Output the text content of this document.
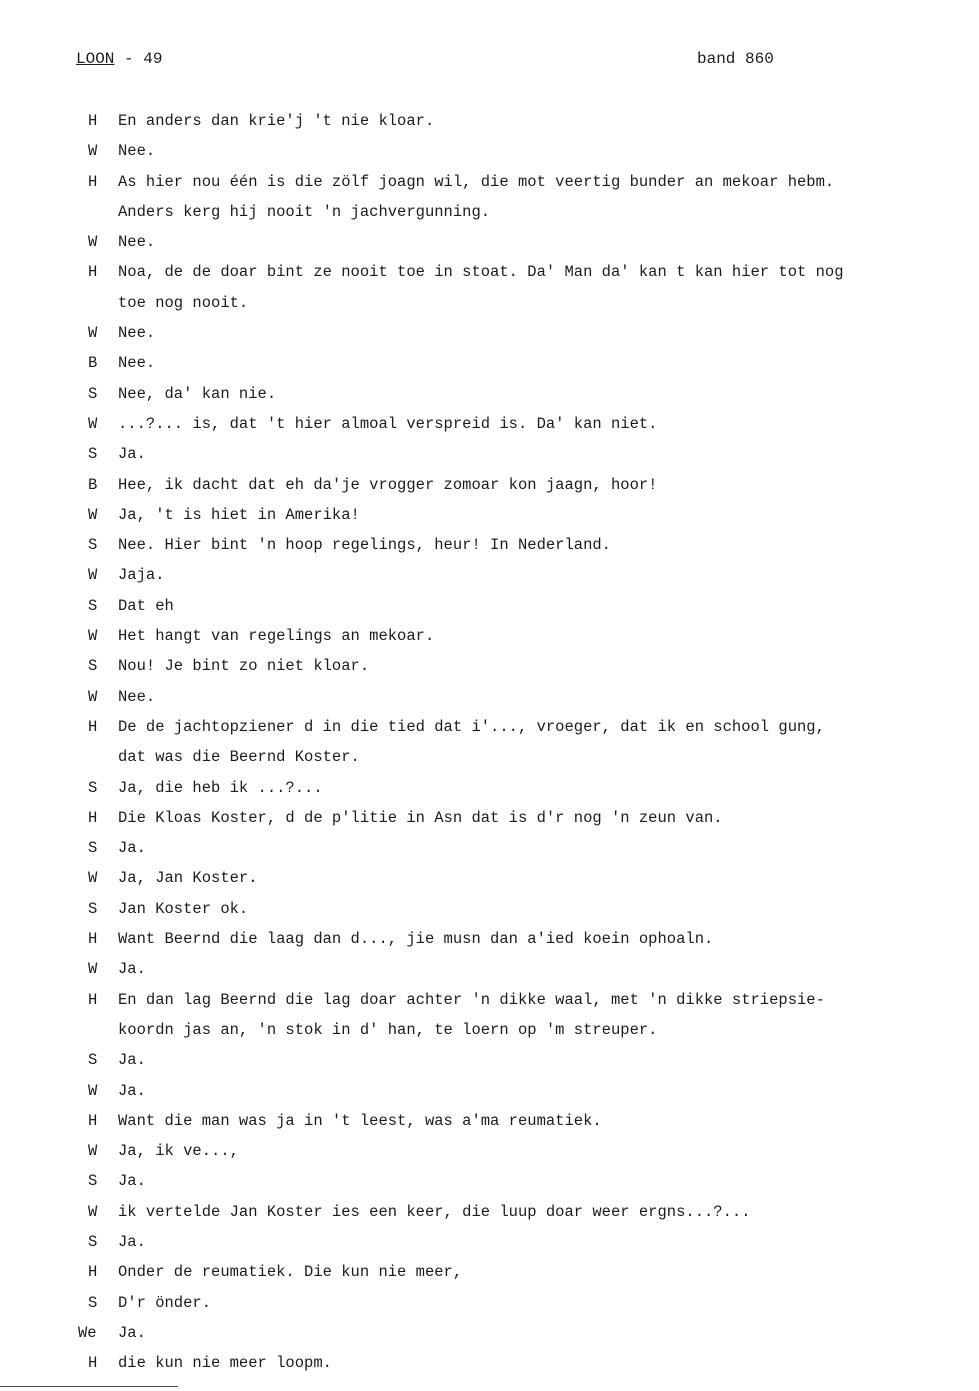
LOON - 49	band 860
H En anders dan krie'j 't nie kloar.
W Nee.
H As hier nou één is die zölf joagn wil, die mot veertig bunder an mekoar hebm.
Anders kerg hij nooit 'n jachvergunning.
W Nee.
H Noa, de de doar bint ze nooit toe in stoat. Da' Man da' kan t kan hier tot nog
toe nog nooit.
W Nee.
B Nee.
S Nee, da' kan nie.
W ...?... is, dat 't hier almoal verspreid is. Da' kan niet.
S Ja.
B Hee, ik dacht dat eh da'je vrogger zomoar kon jaagn, hoor!
W Ja, 't is hiet in Amerika!
S Nee. Hier bint 'n hoop regelings, heur! In Nederland.
W Jaja.
S Dat eh
W Het hangt van regelings an mekoar.
S Nou! Je bint zo niet kloar.
W Nee.
H De de jachtopziener d in die tied dat i'..., vroeger, dat ik en school gung,
dat was die Beernd Koster.
S Ja, die heb ik ...?...
H Die Kloas Koster, d de p'litie in Asn dat is d'r nog 'n zeun van.
S Ja.
W Ja, Jan Koster.
S Jan Koster ok.
H Want Beernd die laag dan d..., jie musn dan a'ied koein ophoaln.
W Ja.
H En dan lag Beernd die lag doar achter 'n dikke waal, met 'n dikke striepsie-
koordn jas an, 'n stok in d' han, te loern op 'm streuper.
S Ja.
W Ja.
H Want die man was ja in 't leest, was a'ma reumatiek.
W Ja, ik ve...,
S Ja.
W ik vertelde Jan Koster ies een keer, die luup doar weer ergns...?...
S Ja.
H Onder de reumatiek. Die kun nie meer,
S D'r önder.
We Ja.
H die kun nie meer loopm.
